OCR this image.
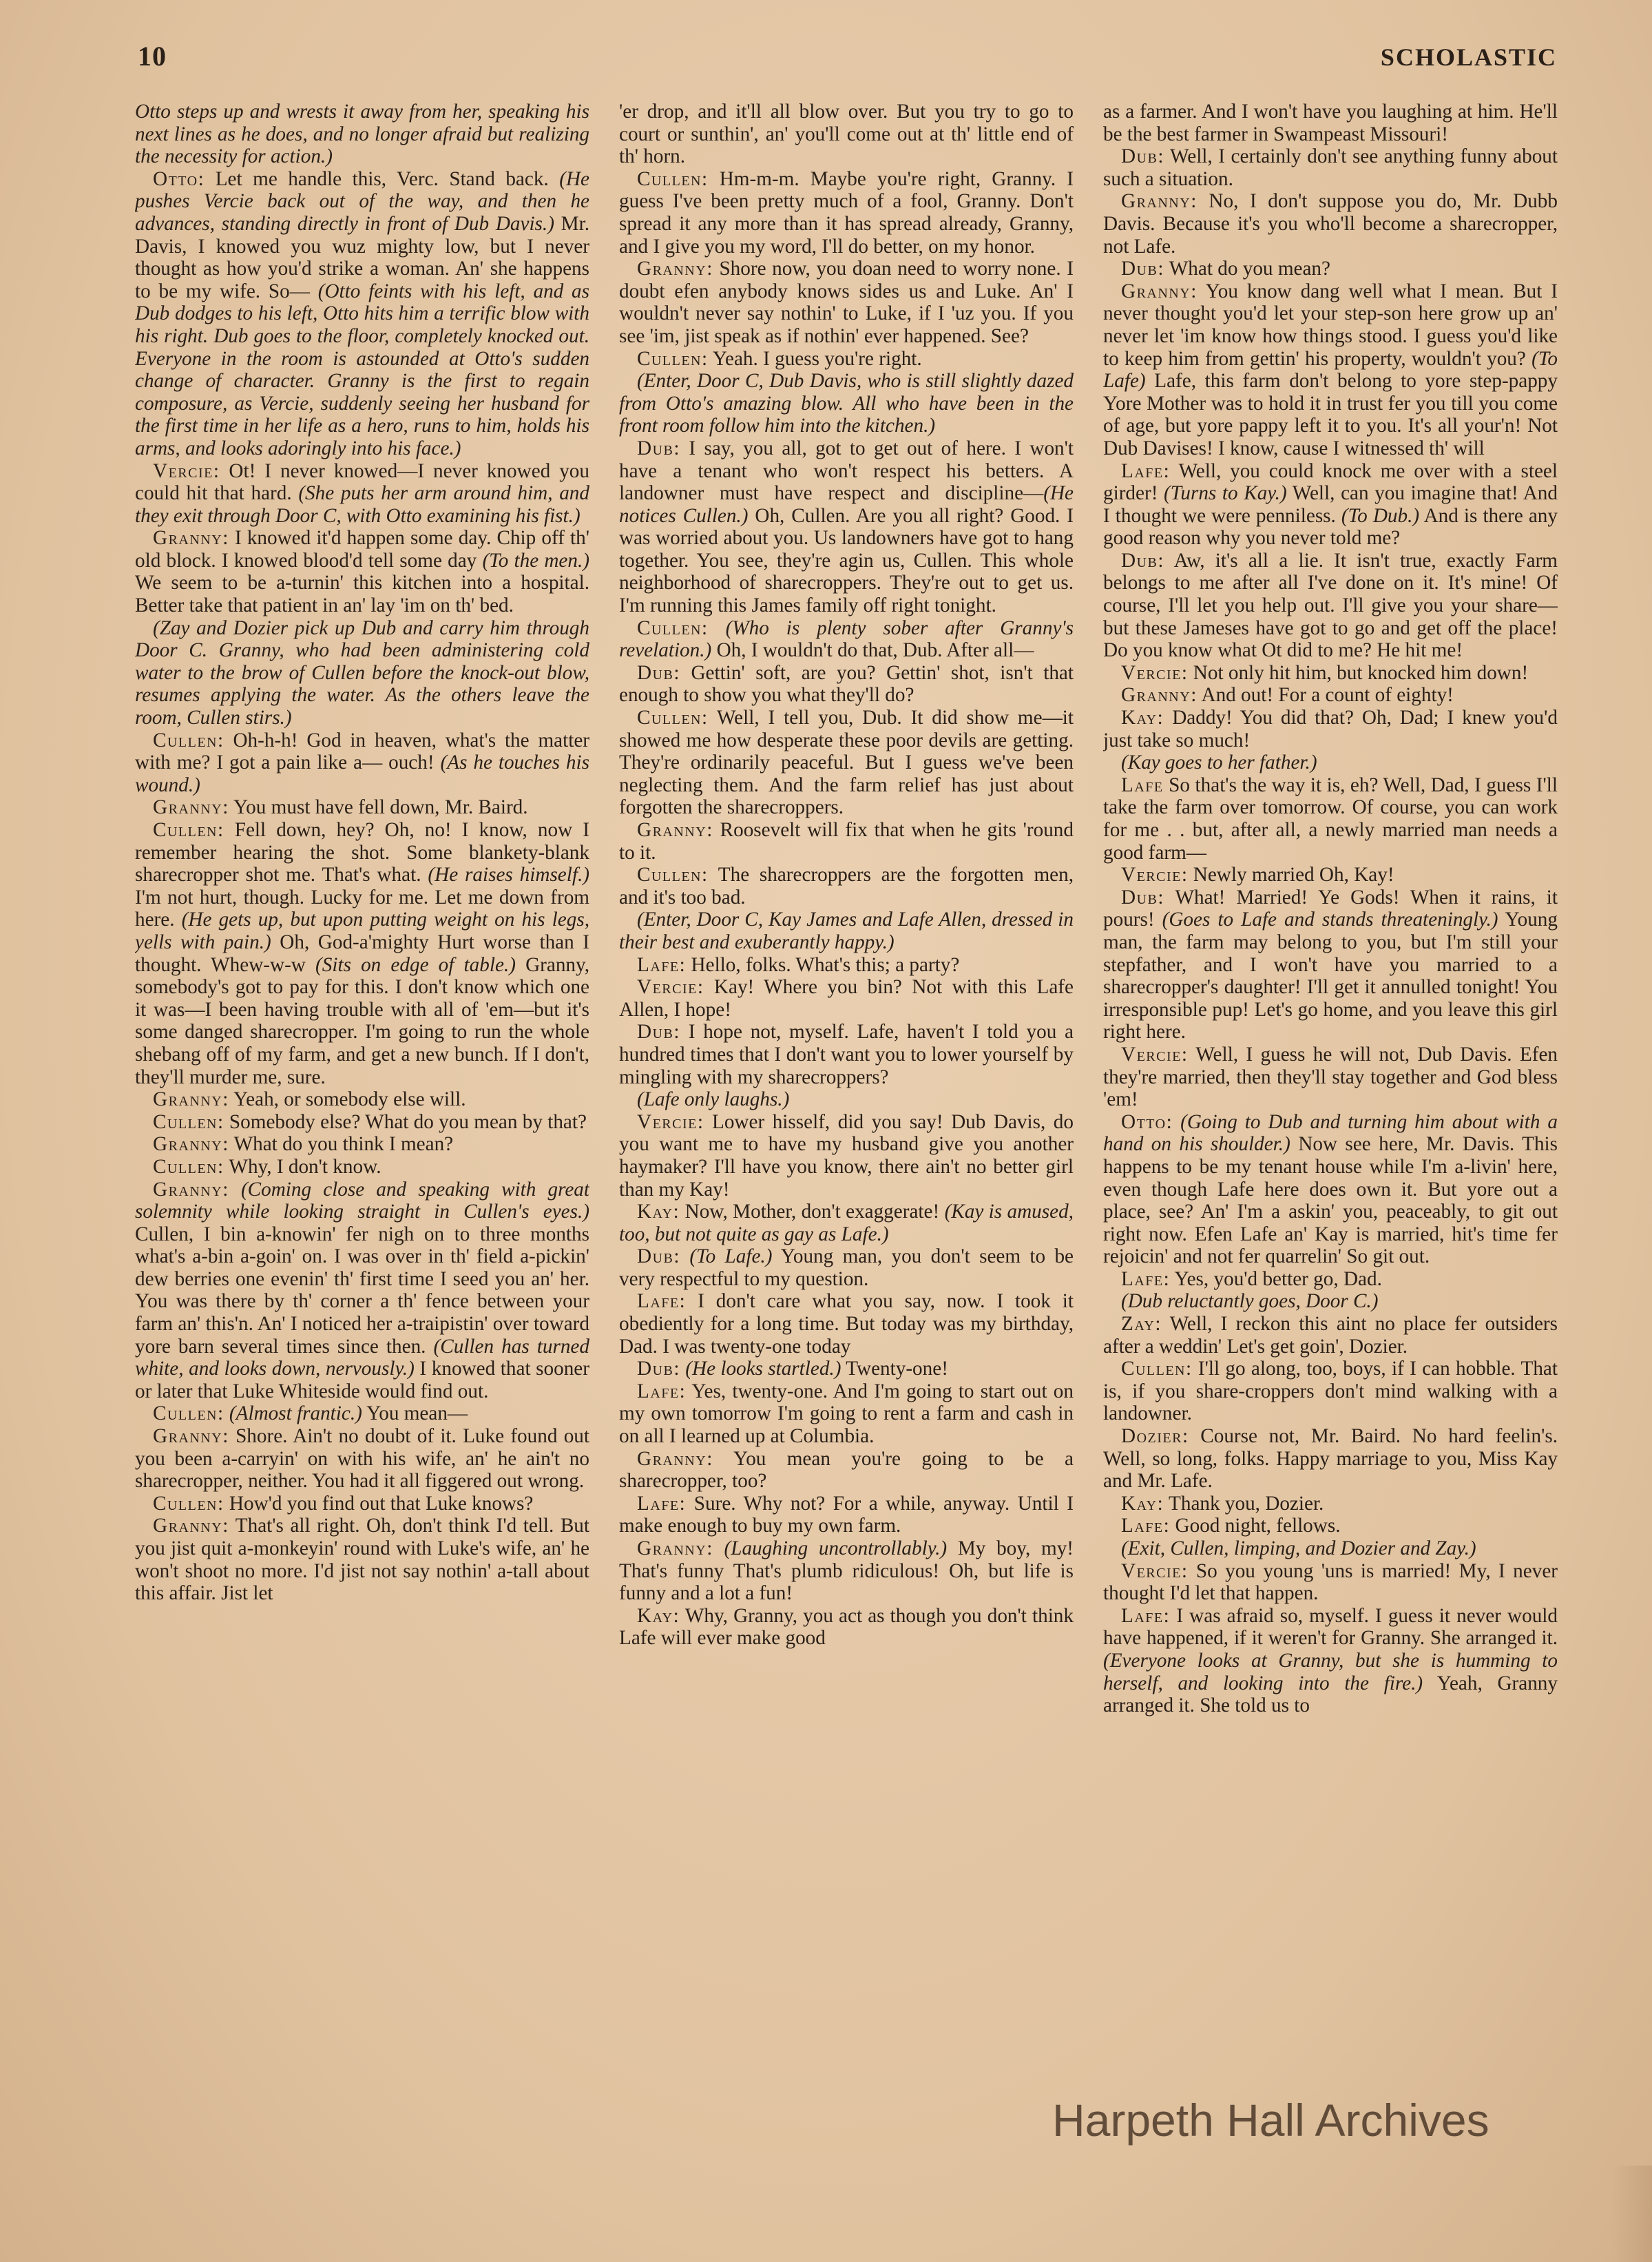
10	SCHOLASTIC

Otto steps up and wrests it away from her, speaking his next lines as he does, and no longer afraid but realizing the necessity for action.)

Otto: Let me handle this, Verc. Stand back. (He pushes Vercie back out of the way, and then he advances, standing directly in front of Dub Davis.) Mr. Davis, I knowed you wuz mighty low, but I never thought as how you'd strike a woman. An' she happens to be my wife. So— (Otto feints with his left, and as Dub dodges to his left, Otto hits him a terrific blow with his right. Dub goes to the floor, completely knocked out. Everyone in the room is astounded at Otto's sudden change of character. Granny is the first to regain composure, as Vercie, suddenly seeing her husband for the first time in her life as a hero, runs to him, holds his arms, and looks adoringly into his face.)

Vercie: Ot! I never knowed—I never knowed you could hit that hard. (She puts her arm around him, and they exit through Door C, with Otto examining his fist.)

Granny: I knowed it'd happen some day. Chip off th' old block. I knowed blood'd tell some day (To the men.) We seem to be a-turnin' this kitchen into a hospital. Better take that patient in an' lay 'im on th' bed.

(Zay and Dozier pick up Dub and carry him through Door C. Granny, who had been administering cold water to the brow of Cullen before the knock-out blow, resumes applying the water. As the others leave the room, Cullen stirs.)

Cullen: Oh-h-h! God in heaven, what's the matter with me? I got a pain like a— ouch! (As he touches his wound.)

Granny: You must have fell down, Mr. Baird.

Cullen: Fell down, hey? Oh, no! I know, now I remember hearing the shot. Some blankety-blank sharecropper shot me. That's what. (He raises himself.) I'm not hurt, though. Lucky for me. Let me down from here. (He gets up, but upon putting weight on his legs, yells with pain.) Oh, God-a'mighty Hurt worse than I thought. Whew-w-w (Sits on edge of table.) Granny, somebody's got to pay for this. I don't know which one it was—I been having trouble with all of 'em—but it's some danged sharecropper. I'm going to run the whole shebang off of my farm, and get a new bunch. If I don't, they'll murder me, sure.

Granny: Yeah, or somebody else will.

Cullen: Somebody else? What do you mean by that?

Granny: What do you think I mean?

Cullen: Why, I don't know.

Granny: (Coming close and speaking with great solemnity while looking straight in Cullen's eyes.) Cullen, I bin a-knowin' fer nigh on to three months what's a-bin a-goin' on. I was over in th' field a-pickin' dew berries one evenin' th' first time I seed you an' her. You was there by th' corner a th' fence between your farm an' this'n. An' I noticed her a-traipistin' over toward yore barn several times since then. (Cullen has turned white, and looks down, nervously.) I knowed that sooner or later that Luke Whiteside would find out.

Cullen: (Almost frantic.) You mean—

Granny: Shore. Ain't no doubt of it. Luke found out you been a-carryin' on with his wife, an' he ain't no sharecropper, neither. You had it all figgered out wrong.

Cullen: How'd you find out that Luke knows?

Granny: That's all right. Oh, don't think I'd tell. But you jist quit a-monkeyin' round with Luke's wife, an' he won't shoot no more. I'd jist not say nothin' a-tall about this affair. Jist let

'er drop, and it'll all blow over. But you try to go to court or sunthin', an' you'll come out at th' little end of th' horn.

Cullen: Hm-m-m. Maybe you're right, Granny. I guess I've been pretty much of a fool, Granny. Don't spread it any more than it has spread already, Granny, and I give you my word, I'll do better, on my honor.

Granny: Shore now, you doan need to worry none. I doubt efen anybody knows sides us and Luke. An' I wouldn't never say nothin' to Luke, if I 'uz you. If you see 'im, jist speak as if nothin' ever happened. See?

Cullen: Yeah. I guess you're right.

(Enter, Door C, Dub Davis, who is still slightly dazed from Otto's amazing blow. All who have been in the front room follow him into the kitchen.)

Dub: I say, you all, got to get out of here. I won't have a tenant who won't respect his betters. A landowner must have respect and discipline—(He notices Cullen.) Oh, Cullen. Are you all right? Good. I was worried about you. Us landowners have got to hang together. You see, they're agin us, Cullen. This whole neighborhood of sharecroppers. They're out to get us. I'm running this James family off right tonight.

Cullen: (Who is plenty sober after Granny's revelation.) Oh, I wouldn't do that, Dub. After all—

Dub: Gettin' soft, are you? Gettin' shot, isn't that enough to show you what they'll do?

Cullen: Well, I tell you, Dub. It did show me—it showed me how desperate these poor devils are getting. They're ordinarily peaceful. But I guess we've been neglecting them. And the farm relief has just about forgotten the sharecroppers.

Granny: Roosevelt will fix that when he gits 'round to it.

Cullen: The sharecroppers are the forgotten men, and it's too bad.

(Enter, Door C, Kay James and Lafe Allen, dressed in their best and exuberantly happy.)

Lafe: Hello, folks. What's this; a party?

Vercie: Kay! Where you bin? Not with this Lafe Allen, I hope!

Dub: I hope not, myself. Lafe, haven't I told you a hundred times that I don't want you to lower yourself by mingling with my sharecroppers?

(Lafe only laughs.)

Vercie: Lower hisself, did you say! Dub Davis, do you want me to have my husband give you another haymaker? I'll have you know, there ain't no better girl than my Kay!

Kay: Now, Mother, don't exaggerate! (Kay is amused, too, but not quite as gay as Lafe.)

Dub: (To Lafe.) Young man, you don't seem to be very respectful to my question.

Lafe: I don't care what you say, now. I took it obediently for a long time. But today was my birthday, Dad. I was twenty-one today

Dub: (He looks startled.) Twenty-one!

Lafe: Yes, twenty-one. And I'm going to start out on my own tomorrow I'm going to rent a farm and cash in on all I learned up at Columbia.

Granny: You mean you're going to be a sharecropper, too?

Lafe: Sure. Why not? For a while, anyway. Until I make enough to buy my own farm.

Granny: (Laughing uncontrollably.) My boy, my! That's funny That's plumb ridiculous! Oh, but life is funny and a lot a fun!

Kay: Why, Granny, you act as though you don't think Lafe will ever make good

as a farmer. And I won't have you laughing at him. He'll be the best farmer in Swampeast Missouri!

Dub: Well, I certainly don't see anything funny about such a situation.

Granny: No, I don't suppose you do, Mr. Dubb Davis. Because it's you who'll become a sharecropper, not Lafe.

Dub: What do you mean?

Granny: You know dang well what I mean. But I never thought you'd let your step-son here grow up an' never let 'im know how things stood. I guess you'd like to keep him from gettin' his property, wouldn't you? (To Lafe) Lafe, this farm don't belong to yore step-pappy Yore Mother was to hold it in trust fer you till you come of age, but yore pappy left it to you. It's all your'n! Not Dub Davises! I know, cause I witnessed th' will

Lafe: Well, you could knock me over with a steel girder! (Turns to Kay.) Well, can you imagine that! And I thought we were penniless. (To Dub.) And is there any good reason why you never told me?

Dub: Aw, it's all a lie. It isn't true, exactly Farm belongs to me after all I've done on it. It's mine! Of course, I'll let you help out. I'll give you your share—but these Jameses have got to go and get off the place! Do you know what Ot did to me? He hit me!

Vercie: Not only hit him, but knocked him down!

Granny: And out! For a count of eighty!

Kay: Daddy! You did that? Oh, Dad; I knew you'd just take so much!

(Kay goes to her father.)

Lafe So that's the way it is, eh? Well, Dad, I guess I'll take the farm over tomorrow. Of course, you can work for me . . but, after all, a newly married man needs a good farm—

Vercie: Newly married Oh, Kay!

Dub: What! Married! Ye Gods! When it rains, it pours! (Goes to Lafe and stands threateningly.) Young man, the farm may belong to you, but I'm still your stepfather, and I won't have you married to a sharecropper's daughter! I'll get it annulled tonight! You irresponsible pup! Let's go home, and you leave this girl right here.

Vercie: Well, I guess he will not, Dub Davis. Efen they're married, then they'll stay together and God bless 'em!

Otto: (Going to Dub and turning him about with a hand on his shoulder.) Now see here, Mr. Davis. This happens to be my tenant house while I'm a-livin' here, even though Lafe here does own it. But yore out a place, see? An' I'm a askin' you, peaceably, to git out right now. Efen Lafe an' Kay is married, hit's time fer rejoicin' and not fer quarrelin' So git out.

Lafe: Yes, you'd better go, Dad.

(Dub reluctantly goes, Door C.)

Zay: Well, I reckon this aint no place fer outsiders after a weddin' Let's get goin', Dozier.

Cullen: I'll go along, too, boys, if I can hobble. That is, if you share-croppers don't mind walking with a landowner.

Dozier: Course not, Mr. Baird. No hard feelin's. Well, so long, folks. Happy marriage to you, Miss Kay and Mr. Lafe.

Kay: Thank you, Dozier.

Lafe: Good night, fellows.

(Exit, Cullen, limping, and Dozier and Zay.)

Vercie: So you young 'uns is married! My, I never thought I'd let that happen.

Lafe: I was afraid so, myself. I guess it never would have happened, if it weren't for Granny. She arranged it. (Everyone looks at Granny, but she is humming to herself, and looking into the fire.) Yeah, Granny arranged it. She told us to

Harpeth Hall Archives
